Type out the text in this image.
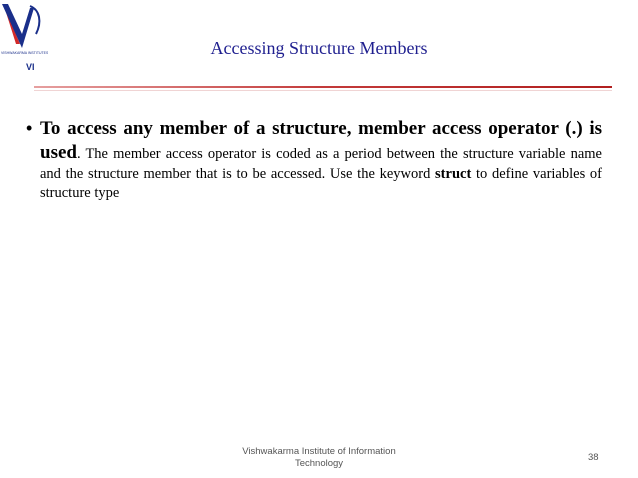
VISHWAKARMA INSTITUTES
VI
Accessing Structure Members
• To access any member of a structure, member access operator (.) is used. The member access operator is coded as a period between the structure variable name and the structure member that is to be accessed. Use the keyword struct to define variables of structure type
Vishwakarma Institute of Information
Technology
38
